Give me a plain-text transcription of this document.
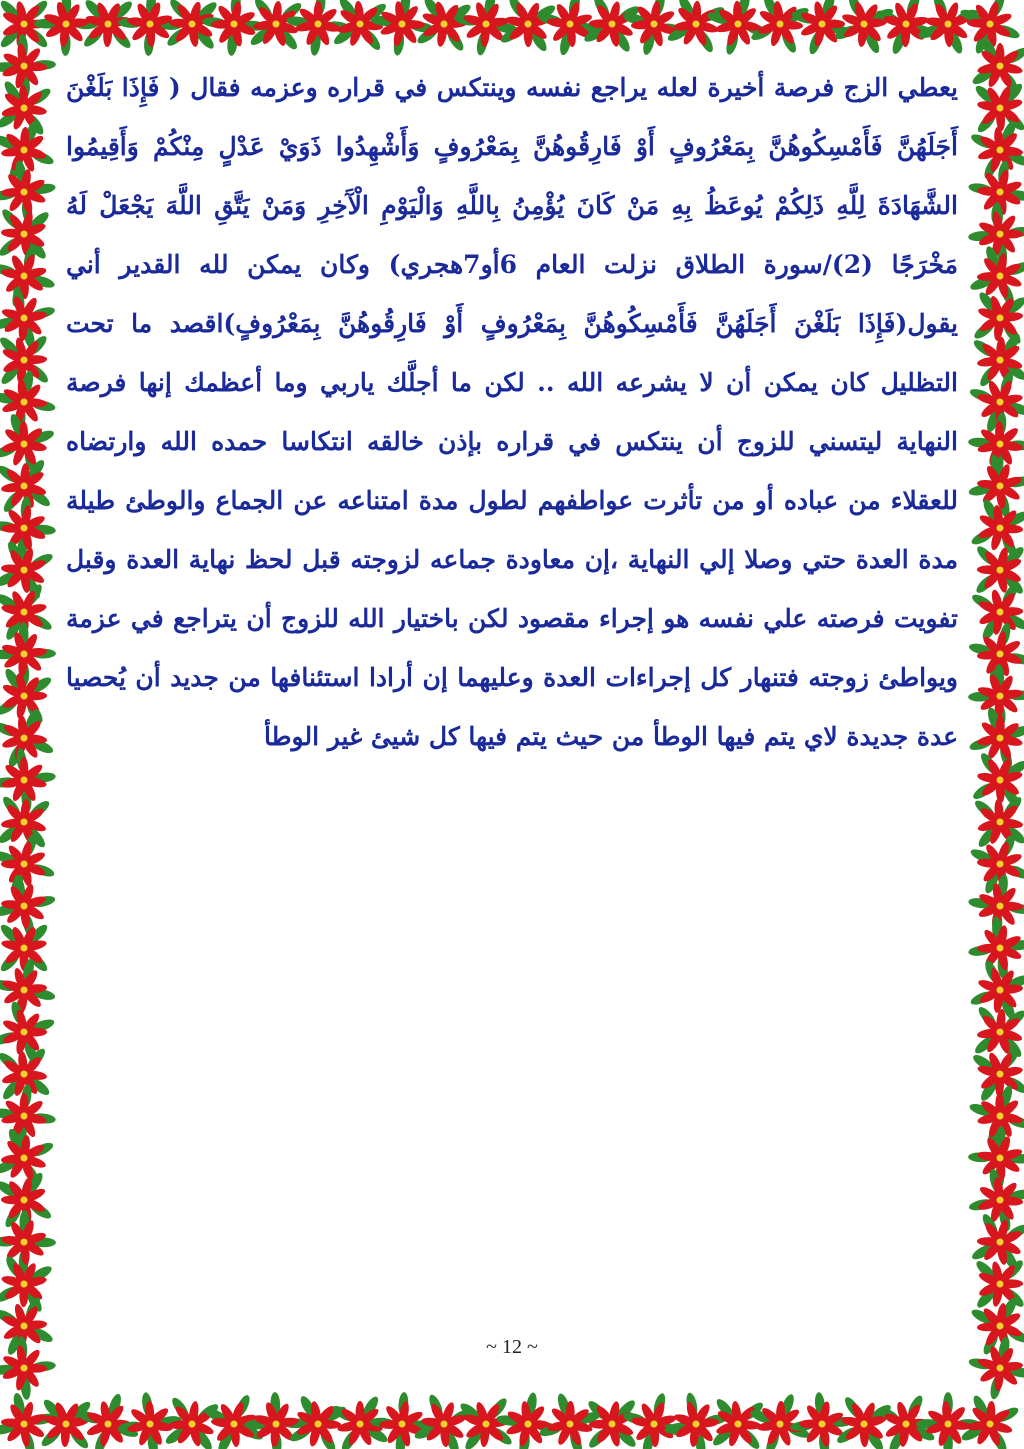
يعطي الزج فرصة أخيرة لعله يراجع نفسه وينتكس في قراره وعزمه فقال ( فَإِذَا بَلَغْنَ أَجَلَهُنَّ فَأَمْسِكُوهُنَّ بِمَعْرُوفٍ أَوْ فَارِقُوهُنَّ بِمَعْرُوفٍ وَأَشْهِدُوا ذَوَيْ عَدْلٍ مِنْكُمْ وَأَقِيمُوا الشَّهَادَةَ لِلَّهِ ذَلِكُمْ يُوعَظُ بِهِ مَنْ كَانَ يُؤْمِنُ بِاللَّهِ وَالْيَوْمِ الْآَخِرِ وَمَنْ يَتَّقِ اللَّهَ يَجْعَلْ لَهُ مَخْرَجًا (2)/سورة الطلاق نزلت العام 6أو7هجري) وكان يمكن لله القدير أني يقول(فَإِذَا بَلَغْنَ أَجَلَهُنَّ فَأَمْسِكُوهُنَّ بِمَعْرُوفٍ أَوْ فَارِقُوهُنَّ بِمَعْرُوفٍ)اقصد ما تحت التظليل كان يمكن أن لا يشرعه الله .. لكن ما أجلَّك ياربي وما أعظمك إنها فرصة النهاية ليتسني للزوج أن ينتكس في قراره بإذن خالقه انتكاسا حمده الله وارتضاه للعقلاء من عباده أو من تأثرت عواطفهم لطول مدة امتناعه عن الجماع والوطئ طيلة مدة العدة حتي وصلا إلي النهاية ،إن معاودة جماعه لزوجته قبل لحظ نهاية العدة وقبل تفويت فرصته علي نفسه هو إجراء مقصود لكن باختيار الله للزوج أن يتراجع في عزمة ويواطئ زوجته فتنهار كل إجراءات العدة وعليهما إن أرادا استئنافها من جديد أن يُحصيا عدة جديدة لاي يتم فيها الوطأ من حيث يتم فيها كل شيئ غير الوطأ

~ 12 ~
